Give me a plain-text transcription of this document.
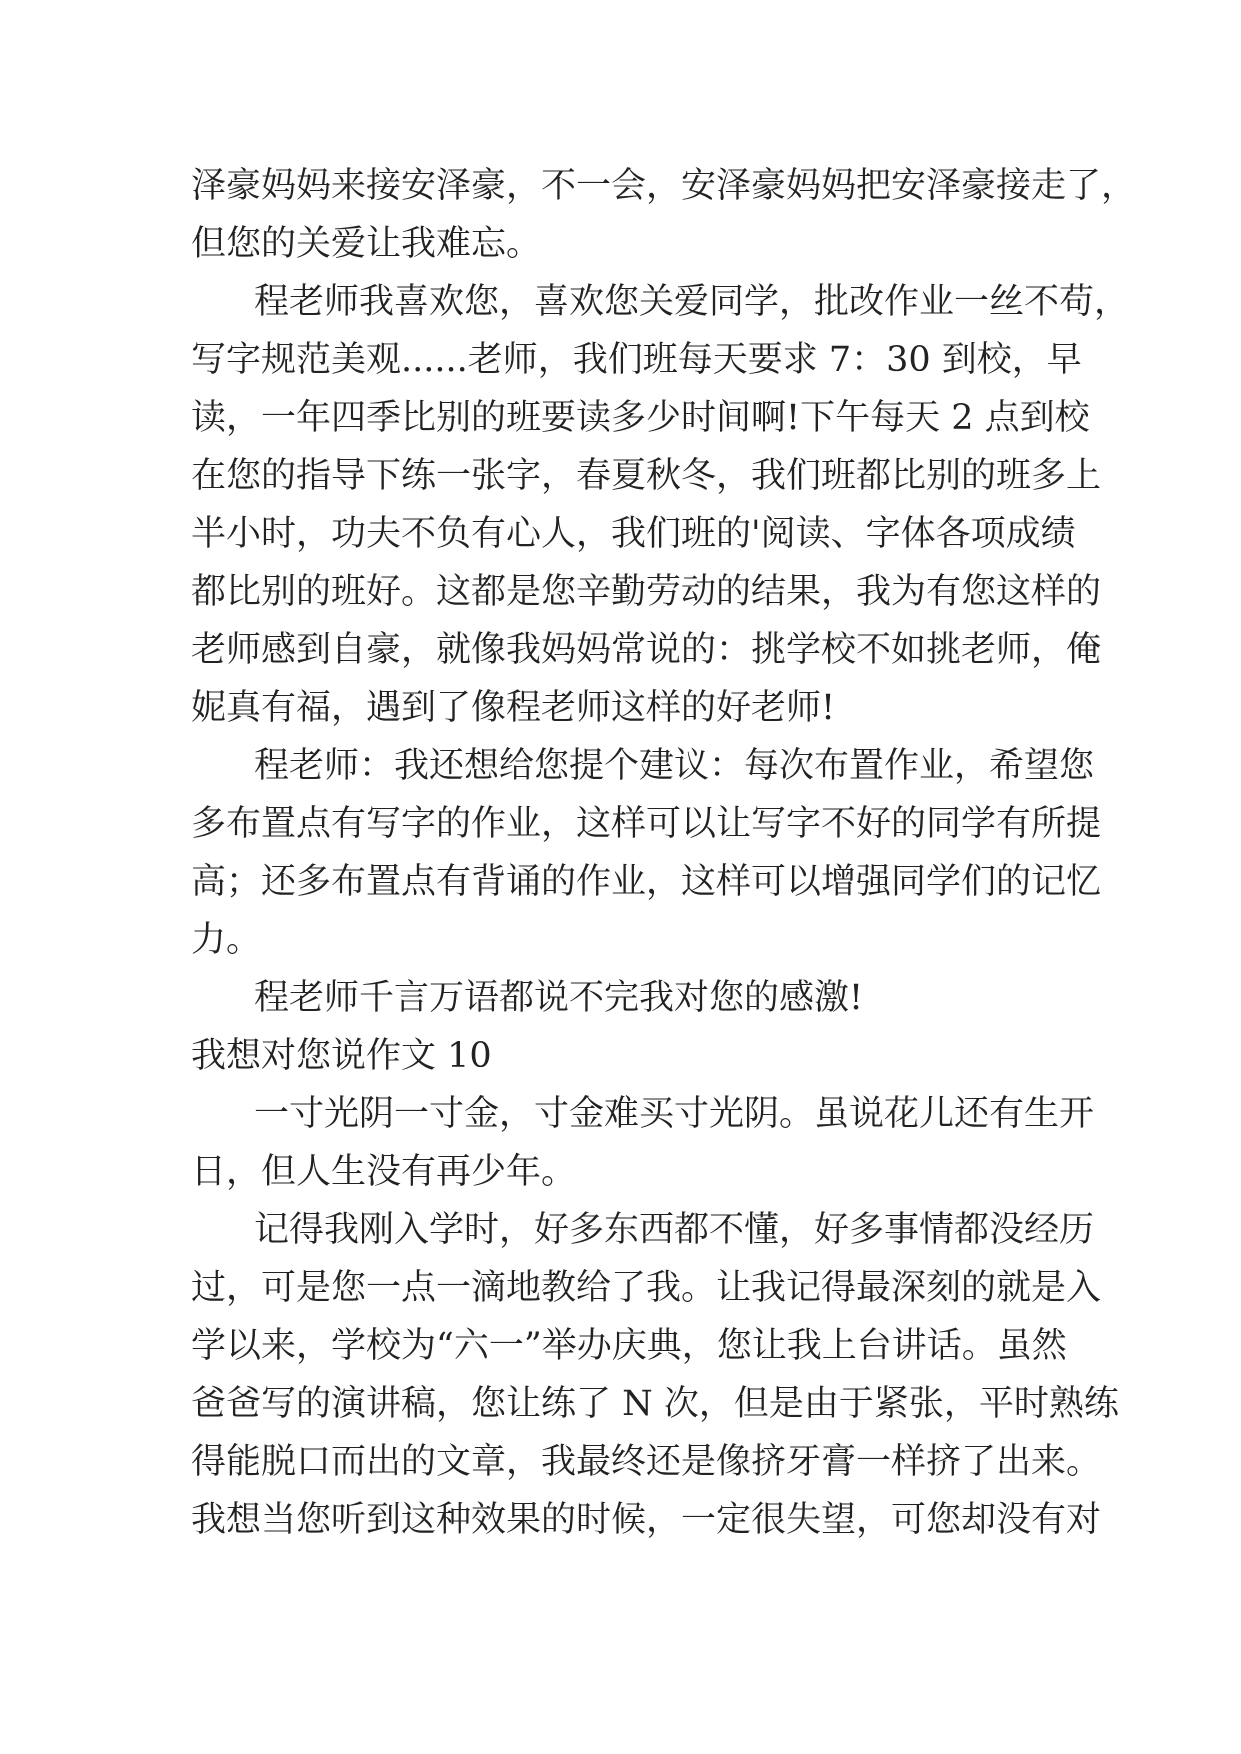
泽豪妈妈来接安泽豪，不一会，安泽豪妈妈把安泽豪接走了，
但您的关爱让我难忘。
程老师我喜欢您，喜欢您关爱同学，批改作业一丝不苟，
写字规范美观......老师，我们班每天要求 7：30 到校，早
读，一年四季比别的班要读多少时间啊!下午每天 2 点到校
在您的指导下练一张字，春夏秋冬，我们班都比别的班多上
半小时，功夫不负有心人，我们班的'阅读、字体各项成绩
都比别的班好。这都是您辛勤劳动的结果，我为有您这样的
老师感到自豪，就像我妈妈常说的：挑学校不如挑老师，俺
妮真有福，遇到了像程老师这样的好老师!
程老师：我还想给您提个建议：每次布置作业，希望您
多布置点有写字的作业，这样可以让写字不好的同学有所提
高；还多布置点有背诵的作业，这样可以增强同学们的记忆
力。
程老师千言万语都说不完我对您的感激!
我想对您说作文 10
一寸光阴一寸金，寸金难买寸光阴。虽说花儿还有生开
日，但人生没有再少年。
记得我刚入学时，好多东西都不懂，好多事情都没经历
过，可是您一点一滴地教给了我。让我记得最深刻的就是入
学以来，学校为“六一”举办庆典，您让我上台讲话。虽然
爸爸写的演讲稿，您让练了 N 次，但是由于紧张，平时熟练
得能脱口而出的文章，我最终还是像挤牙膏一样挤了出来。
我想当您听到这种效果的时候，一定很失望，可您却没有对
